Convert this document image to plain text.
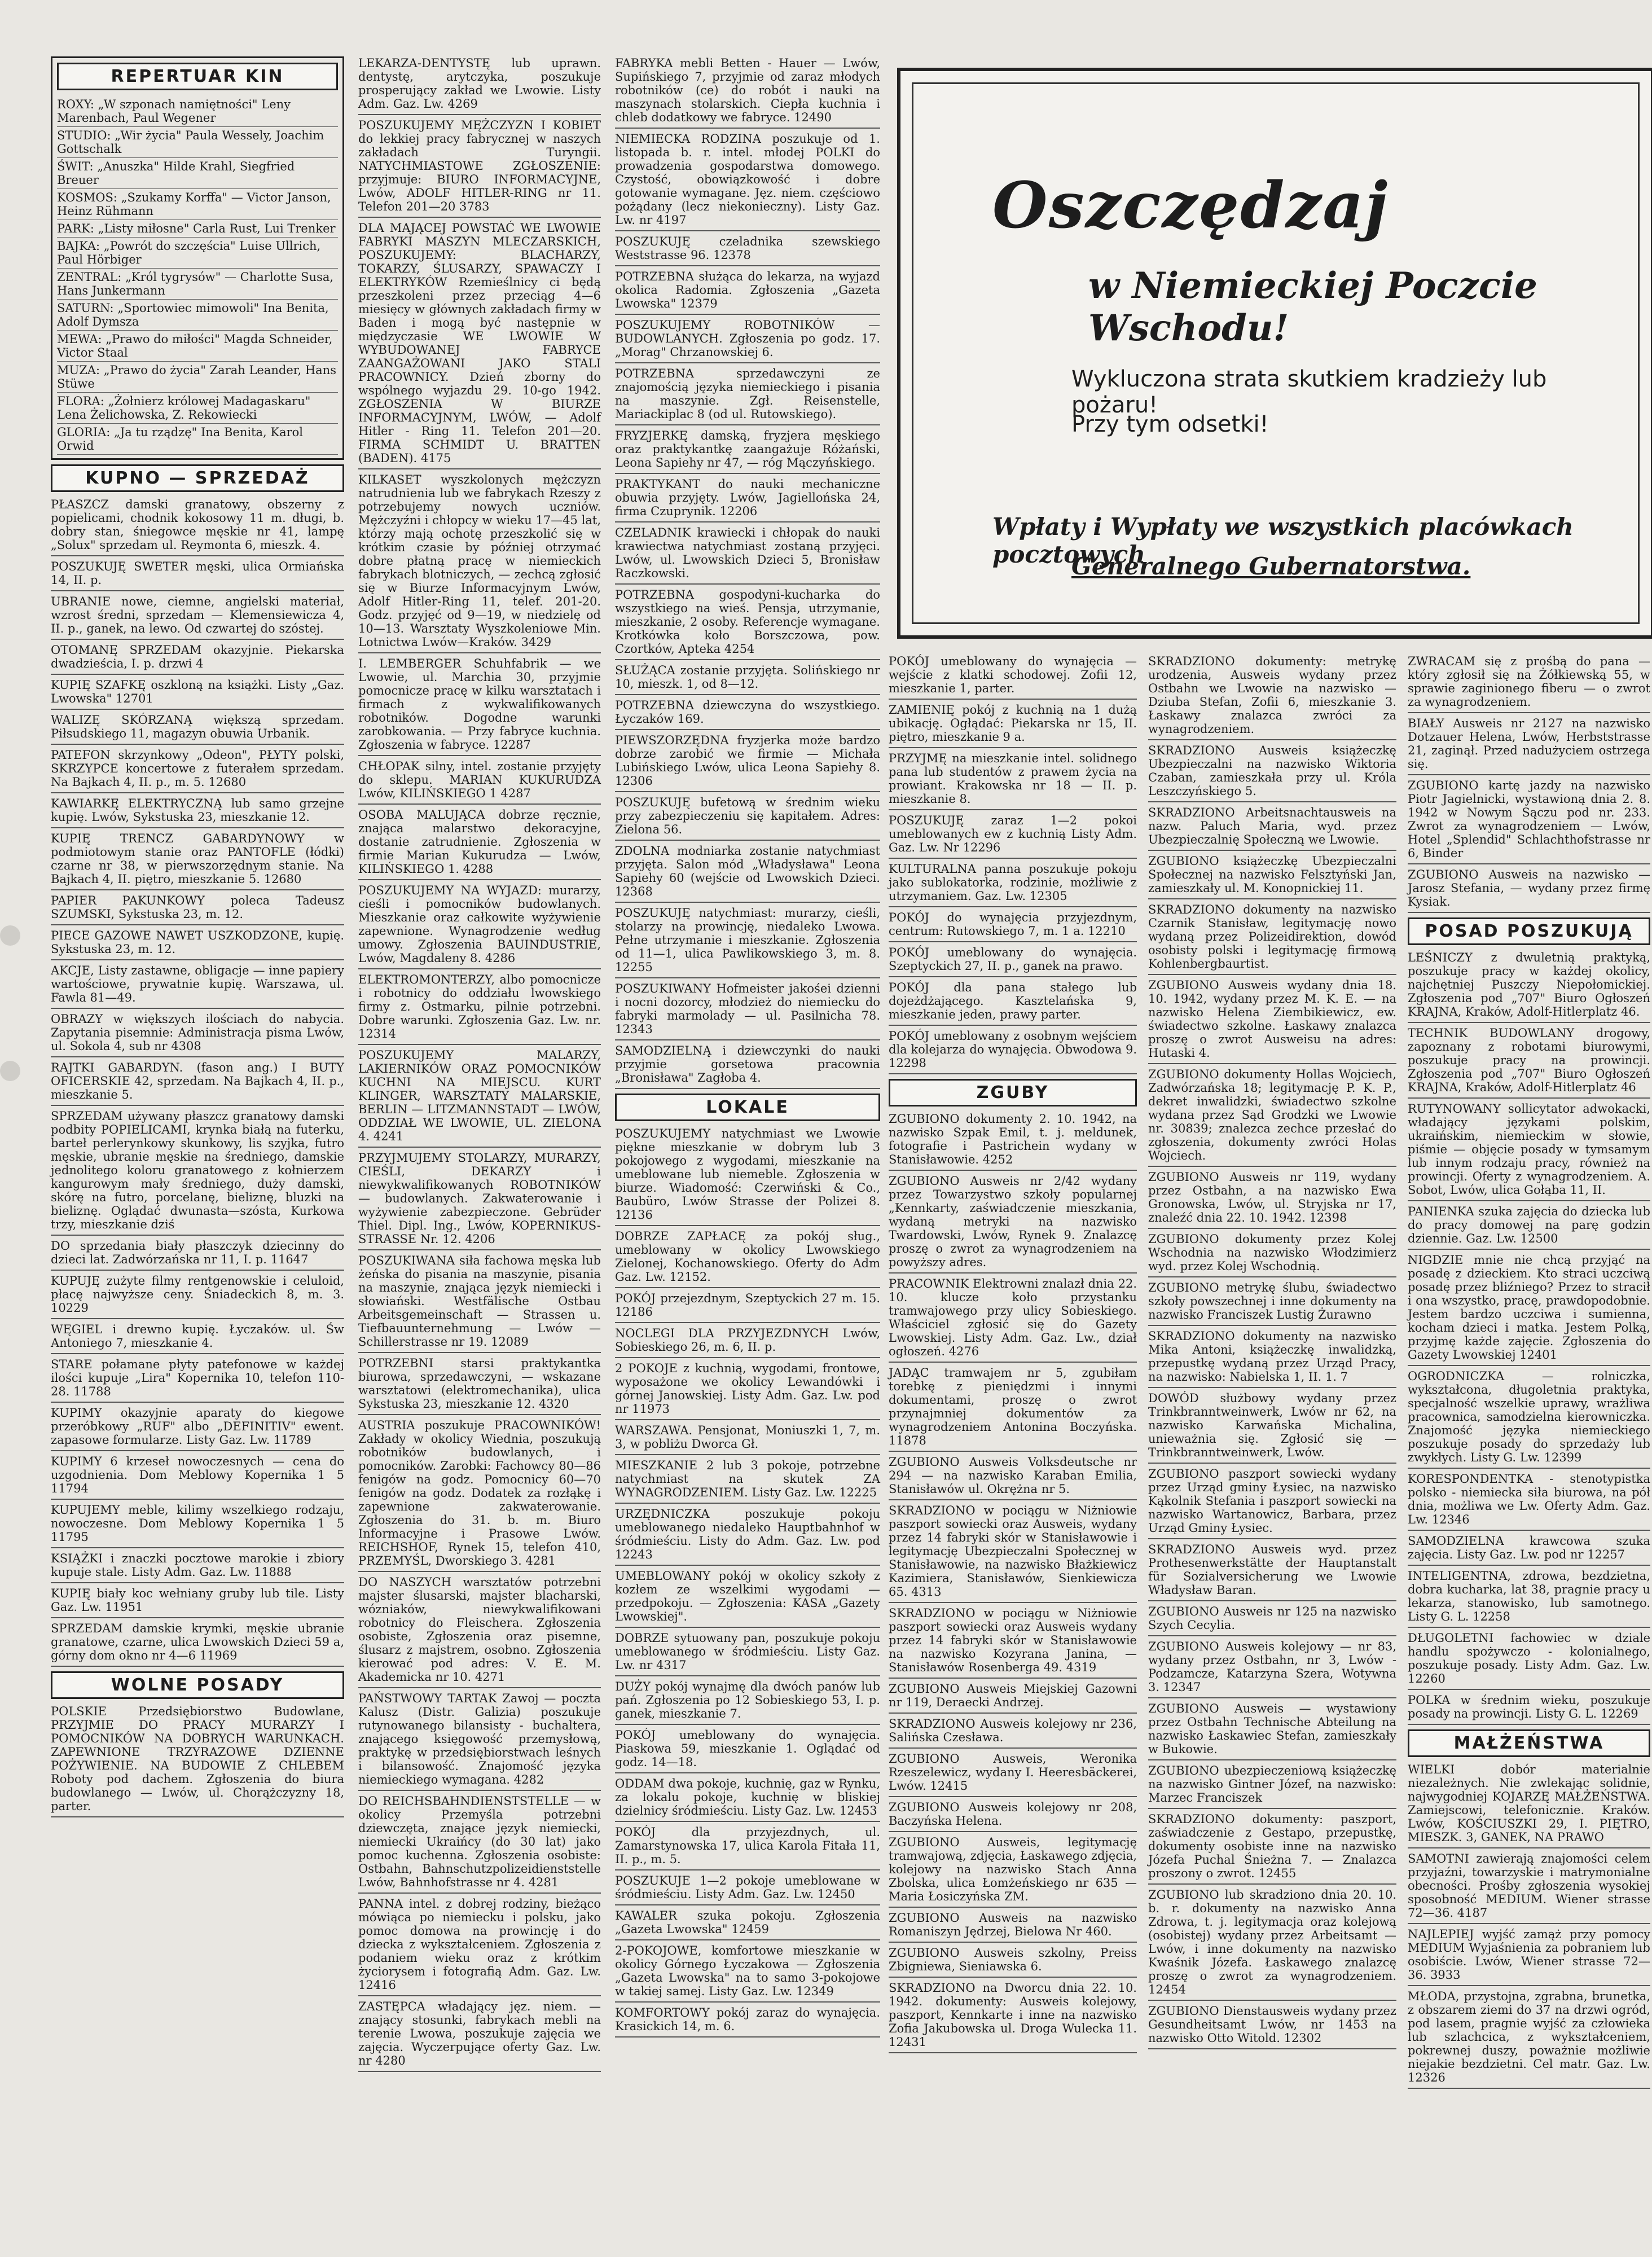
REPERTUAR KIN
ROXY: „W szponach namiętności" Leny Marenbach, Paul Wegener
STUDIO: „Wir życia" Paula Wessely, Joachim Gottschalk
ŚWIT: „Anuszka" Hilde Krahl, Siegfried Breuer
KOSMOS: „Szukamy Korffa" — Victor Janson, Heinz Rühmann
PARK: „Listy miłosne" Carla Rust, Lui Trenker
BAJKA: „Powrót do szczęścia" Luise Ullrich, Paul Hörbiger
ZENTRAL: „Król tygrysów" — Charlotte Susa, Hans Junkermann
SATURN: „Sportowiec mimowoli" Ina Benita, Adolf Dymsza
MEWA: „Prawo do miłości" Magda Schneider, Victor Staal
MUZA: „Prawo do życia" Zarah Leander, Hans Stüwe
FLORA: „Żołnierz królowej Madagaskaru" Lena Żelichowska, Z. Rekowiecki
GLORIA: „Ja tu rządzę" Ina Benita, Karol Orwid
KUPNO — SPRZEDAŻ
PŁASZCZ damski granatowy, obszerny z popielicami, chodnik kokosowy 11 m. długi, b. dobry stan, śniegowce męskie nr 41, lampę „Solux" sprzedam ul. Reymonta 6, mieszk. 4.
POSZUKUJĘ SWETER męski, ulica Ormiańska 14, II. p.
UBRANIE nowe, ciemne, angielski materiał, wzrost średni, sprzedam — Klemensiewicza 4, II. p., ganek, na lewo. Od czwartej do szóstej.
OTOMANĘ SPRZEDAM okazyjnie. Piekarska dwadzieścia, I. p. drzwi 4
KUPIĘ SZAFKĘ oszkloną na książki. Listy „Gaz. Lwowska" 12701
WALIZĘ SKÓRZANĄ większą sprzedam. Piłsudskiego 11, magazyn obuwia Urbanik.
PATEFON skrzynkowy „Odeon", PŁYTY polski, SKRZYPCE koncertowe z futerałem sprzedam. Na Bajkach 4, II. p., m. 5. 12680
KAWIARKĘ ELEKTRYCZNĄ lub samo grzejne kupię. Lwów, Sykstuska 23, mieszkanie 12.
KUPIĘ TRENCZ GABARDYNOWY w podmiotowym stanie oraz PANTOFLE (łódki) czarne nr 38, w pierwszorzędnym stanie. Na Bajkach 4, II. piętro, mieszkanie 5. 12680
PAPIER PAKUNKOWY poleca Tadeusz SZUMSKI, Sykstuska 23, m. 12.
PIECE GAZOWE NAWET USZKODZONE, kupię. Sykstuska 23, m. 12.
AKCJE, Listy zastawne, obligacje — inne papiery wartościowe, prywatnie kupię. Warszawa, ul. Fawla 81—49.
OBRAZY w większych ilościach do nabycia. Zapytania pisemnie: Administracja pisma Lwów, ul. Sokola 4, sub nr 4308
RAJTKI GABARDYN. (fason ang.) I BUTY OFICERSKIE 42, sprzedam. Na Bajkach 4, II. p., mieszkanie 5.
SPRZEDAM używany płaszcz granatowy damski podbity POPIELICAMI, krynka białą na futerku, barteł perlerynkowy skunkowy, lis szyjka, futro męskie, ubranie męskie na średniego, damskie jednolitego koloru granatowego z kołnierzem kangurowym mały średniego, duży damski, skórę na futro, porcelanę, bieliznę, bluzki na bieliznę. Oglądać dwunasta—szósta, Kurkowa trzy, mieszkanie dziś
DO sprzedania biały płaszczyk dziecinny do dzieci lat. Zadwórzańska nr 11, I. p. 11647
KUPUJĘ zużyte filmy rentgenowskie i celuloid, płacę najwyższe ceny. Śniadeckich 8, m. 3. 10229
WĘGIEL i drewno kupię. Łyczaków. ul. Św Antoniego 7, mieszkanie 4.
STARE połamane płyty patefonowe w każdej ilości kupuje „Lira" Kopernika 10, telefon 110-28. 11788
KUPIMY okazyjnie aparaty do kiegowe przeróbkowy „RUF" albo „DEFINITIV" ewent. zapasowe formularze. Listy Gaz. Lw. 11789
KUPIMY 6 krzeseł nowoczesnych — cena do uzgodnienia. Dom Meblowy Kopernika 1 5 11794
KUPUJEMY meble, kilimy wszelkiego rodzaju, nowoczesne. Dom Meblowy Kopernika 1 5 11795
KSIĄŻKI i znaczki pocztowe marokie i zbiory kupuje stale. Listy Adm. Gaz. Lw. 11888
KUPIĘ biały koc wełniany gruby lub tile. Listy Gaz. Lw. 11951
SPRZEDAM damskie krymki, męskie ubranie granatowe, czarne, ulica Lwowskich Dzieci 59 a, górny dom okno nr 4—6 11969
WOLNE POSADY
POLSKIE Przedsiębiorstwo Budowlane, PRZYJMIE DO PRACY MURARZY I POMOCNIKÓW NA DOBRYCH WARUNKACH. ZAPEWNIONE TRZYRAZOWE DZIENNE POŻYWIENIE. NA BUDOWIE Z CHLEBEM Roboty pod dachem. Zgłoszenia do biura budowlanego — Lwów, ul. Chorążczyzny 18, parter.
LEKARZA-DENTYSTĘ lub uprawn. dentystę, arytczyka, poszukuje prosperujący zakład we Lwowie. Listy Adm. Gaz. Lw. 4269
POSZUKUJEMY MĘŻCZYZN I KOBIET do lekkiej pracy fabrycznej w naszych zakładach Turyngii. NATYCHMIASTOWE ZGŁOSZENIE: przyjmuje: BIURO INFORMACYJNE, Lwów, ADOLF HITLER-RING nr 11. Telefon 201—20 3783
DLA MAJĄCEJ POWSTAĆ WE LWOWIE FABRYKI MASZYN MLECZARSKICH, POSZUKUJEMY: BLACHARZY, TOKARZY, ŚLUSARZY, SPAWACZY I ELEKTRYKÓW Rzemieślnicy ci będą przeszkoleni przez przeciąg 4—6 miesięcy w głównych zakładach firmy w Baden i mogą być następnie w międzyczasie WE LWOWIE W WYBUDOWANEJ FABRYCE ZAANGAŻOWANI JAKO STALI PRACOWNICY. Dzień zborny do wspólnego wyjazdu 29. 10-go 1942. ZGŁOSZENIA W BIURZE INFORMACYJNYM, LWÓW, — Adolf Hitler - Ring 11. Telefon 201—20. FIRMA SCHMIDT U. BRATTEN (BADEN). 4175
KILKASET wyszkolonych mężczyzn natrudnienia lub we fabrykach Rzeszy z potrzebujemy nowych uczniów. Mężczyźni i chłopcy w wieku 17—45 lat, którzy mają ochotę przeszkolić się w krótkim czasie by później otrzymać dobre płatną pracę w niemieckich fabrykach blotniczych, — zechcą zgłosić się w Biurze Informacyjnym Lwów, Adolf Hitler-Ring 11, telef. 201-20. Godz. przyjęć od 9—19, w niedzielę od 10—13. Warsztaty Wyszkoleniowe Min. Lotnictwa Lwów—Kraków. 3429
I. LEMBERGER Schuhfabrik — we Lwowie, ul. Marchia 30, przyjmie pomocnicze pracę w kilku warsztatach i firmach z wykwalifikowanych robotników. Dogodne warunki zarobkowania. — Przy fabryce kuchnia. Zgłoszenia w fabryce. 12287
CHŁOPAK silny, intel. zostanie przyjęty do sklepu. MARIAN KUKURUDZA Lwów, KILIŃSKIEGO 1 4287
OSOBA MALUJĄCA dobrze ręcznie, znająca malarstwo dekoracyjne, dostanie zatrudnienie. Zgłoszenia w firmie Marian Kukurudza — Lwów, KILIŃSKIEGO 1. 4288
POSZUKUJEMY NA WYJAZD: murarzy, cieśli i pomocników budowlanych. Mieszkanie oraz całkowite wyżywienie zapewnione. Wynagrodzenie według umowy. Zgłoszenia BAUINDUSTRIE, Lwów, Magdaleny 8. 4286
ELEKTROMONTERZY, albo pomocnicze i robotnicy do oddziału lwowskiego firmy z. Ostmarku, pilnie potrzebni. Dobre warunki. Zgłoszenia Gaz. Lw. nr. 12314
POSZUKUJEMY MALARZY, LAKIERNIKÓW ORAZ POMOCNIKÓW KUCHNI NA MIEJSCU. KURT KLINGER, WARSZTATY MALARSKIE, BERLIN — LITZMANNSTADT — LWÓW, ODDZIAŁ WE LWOWIE, UL. ZIELONA 4. 4241
PRZYJMUJEMY STOLARZY, MURARZY, CIEŚLI, DEKARZY i niewykwalifikowanych ROBOTNIKÓW — budowlanych. Zakwaterowanie i wyżywienie zabezpieczone. Gebrüder Thiel. Dipl. Ing., Lwów, KOPERNIKUS-STRASSE Nr. 12. 4206
POSZUKIWANA siła fachowa męska lub żeńska do pisania na maszynie, pisania na maszynie, znająca język niemiecki i słowiański. Westfälische Ostbau Arbeitsgemeinschaft — Strassen u. Tiefbauunternehmung — Lwów — Schillerstrasse nr 19. 12089
POTRZEBNI starsi praktykantka biurowa, sprzedawczyni, — wskazane warsztatowi (elektromechanika), ulica Sykstuska 23, mieszkanie 12. 4320
AUSTRIA poszukuje PRACOWNIKÓW! Zakłady w okolicy Wiednia, poszukują robotników budowlanych, i pomocników. Zarobki: Fachowcy 80—86 fenigów na godz. Pomocnicy 60—70 fenigów na godz. Dodatek za rozłąkę i zapewnione zakwaterowanie. Zgłoszenia do 31. b. m. Biuro Informacyjne i Prasowe Lwów. REICHSHOF, Rynek 15, telefon 410, PRZEMYŚL, Dworskiego 3. 4281
DO NASZYCH warsztatów potrzebni majster ślusarski, majster blacharski, wózniaków, niewykwalifikowani robotnicy do Fleischera. Zgłoszenia osobiste, Zgłoszenia oraz pisemne, ślusarz z majstrem, osobno. Zgłoszenia kierować pod adres: V. E. M. Akademicka nr 10. 4271
PAŃSTWOWY TARTAK Zawoj — poczta Kalusz (Distr. Galizia) poszukuje rutynowanego bilansisty - buchaltera, znającego księgowość przemysłową, praktykę w przedsiębiorstwach leśnych i bilansowość. Znajomość języka niemieckiego wymagana. 4282
DO REICHSBAHNDIENSTSTELLE — w okolicy Przemyśla potrzebni dziewczęta, znające język niemiecki, niemiecki Ukraińcy (do 30 lat) jako pomoc kuchenna. Zgłoszenia osobiste: Ostbahn, Bahnschutzpolizeidienststelle Lwów, Bahnhofstrasse nr 4. 4281
PANNA intel. z dobrej rodziny, bieżąco mówiąca po niemiecku i polsku, jako pomoc domowa na prowincję i do dziecka z wykształceniem. Zgłoszenia z podaniem wieku oraz z krótkim życiorysem i fotografią Adm. Gaz. Lw. 12416
ZASTĘPCA władający jęz. niem. — znający stosunki, fabrykach mebli na terenie Lwowa, poszukuje zajęcia we zajęcia. Wyczerpujące oferty Gaz. Lw. nr 4280
FABRYKA mebli Betten - Hauer — Lwów, Supińskiego 7, przyjmie od zaraz młodych robotników (ce) do robót i nauki na maszynach stolarskich. Ciepła kuchnia i chleb dodatkowy we fabryce. 12490
NIEMIECKA RODZINA poszukuje od 1. listopada b. r. intel. młodej POLKI do prowadzenia gospodarstwa domowego. Czystość, obowiązkowość i dobre gotowanie wymagane. Jęz. niem. częściowo pożądany (lecz niekonieczny). Listy Gaz. Lw. nr 4197
POSZUKUJĘ czeladnika szewskiego Weststrasse 96. 12378
POTRZEBNA służąca do lekarza, na wyjazd okolica Radomia. Zgłoszenia „Gazeta Lwowska" 12379
POSZUKUJEMY ROBOTNIKÓW — BUDOWLANYCH. Zgłoszenia po godz. 17. „Morag" Chrzanowskiej 6.
POTRZEBNA sprzedawczyni ze znajomością języka niemieckiego i pisania na maszynie. Zgł. Reisenstelle, Mariackiplac 8 (od ul. Rutowskiego).
FRYZJERKĘ damską, fryzjera męskiego oraz praktykantkę zaangażuje Różański, Leona Sapiehy nr 47, — róg Mączyńskiego.
PRAKTYKANT do nauki mechaniczne obuwia przyjęty. Lwów, Jagiellońska 24, firma Czuprynik. 12206
CZELADNIK krawiecki i chłopak do nauki krawiectwa natychmiast zostaną przyjęci. Lwów, ul. Lwowskich Dzieci 5, Bronisław Raczkowski.
POTRZEBNA gospodyni-kucharka do wszystkiego na wieś. Pensja, utrzymanie, mieszkanie, 2 osoby. Referencje wymagane. Krotkówka koło Borszczowa, pow. Czortków, Apteka 4254
SŁUŻĄCA zostanie przyjęta. Solińskiego nr 10, mieszk. 1, od 8—12.
POTRZEBNA dziewczyna do wszystkiego. Łyczaków 169.
PIEWSZORZĘDNA fryzjerka może bardzo dobrze zarobić we firmie — Michała Lubińskiego Lwów, ulica Leona Sapiehy 8. 12306
POSZUKUJĘ bufetową w średnim wieku przy zabezpieczeniu się kapitałem. Adres: Zielona 56.
ZDOLNA modniarka zostanie natychmiast przyjęta. Salon mód „Władysława" Leona Sapiehy 60 (wejście od Lwowskich Dzieci. 12368
POSZUKUJĘ natychmiast: murarzy, cieśli, stolarzy na prowincję, niedaleko Lwowa. Pełne utrzymanie i mieszkanie. Zgłoszenia od 11—1, ulica Pawlikowskiego 3, m. 8. 12255
POSZUKIWANY Hofmeister jakośei dzienni i nocni dozorcy, młodzież do niemiecku do fabryki marmolady — ul. Pasilnicha 78. 12343
SAMODZIELNĄ i dziewczynki do nauki przyjmie gorsetowa pracownia „Bronisława" Zagłoba 4.
LOKALE
POSZUKUJEMY natychmiast we Lwowie piękne mieszkanie w dobrym lub 3 pokojowego z wygodami, mieszkanie na umeblowane lub niemeble. Zgłoszenia w biurze. Wiadomość: Czerwiński & Co., Baubüro, Lwów Strasse der Polizei 8. 12136
DOBRZE ZAPŁACĘ za pokój sług., umeblowany w okolicy Lwowskiego Zielonej, Kochanowskiego. Oferty do Adm Gaz. Lw. 12152.
POKÓJ przejezdnym, Szeptyckich 27 m. 15. 12186
NOCLEGI DLA PRZYJEZDNYCH Lwów, Sobieskiego 26, m. 6, II. p.
2 POKOJE z kuchnią, wygodami, frontowe, wyposażone we okolicy Lewandówki i górnej Janowskiej. Listy Adm. Gaz. Lw. pod nr 11973
WARSZAWA. Pensjonat, Moniuszki 1, 7, m. 3, w pobliżu Dworca Gł.
MIESZKANIE 2 lub 3 pokoje, potrzebne natychmiast na skutek ZA WYNAGRODZENIEM. Listy Gaz. Lw. 12225
URZĘDNICZKA poszukuje pokoju umeblowanego niedaleko Hauptbahnhof w śródmieściu. Listy do Adm. Gaz. Lw. pod 12243
UMEBLOWANY pokój w okolicy szkoły z kozłem ze wszelkimi wygodami — przedpokoju. — Zgłoszenia: KASA „Gazety Lwowskiej".
DOBRZE sytuowany pan, poszukuje pokoju umeblowanego w śródmieściu. Listy Gaz. Lw. nr 4317
DUŻY pokój wynajmę dla dwóch panów lub pań. Zgłoszenia po 12 Sobieskiego 53, I. p. ganek, mieszkanie 7.
POKÓJ umeblowany do wynajęcia. Piaskowa 59, mieszkanie 1. Oglądać od godz. 14—18.
ODDAM dwa pokoje, kuchnię, gaz w Rynku, za lokalu pokoje, kuchnię w bliskiej dzielnicy śródmieściu. Listy Gaz. Lw. 12453
POKÓJ dla przyjezdnych, ul. Zamarstynowska 17, ulica Karola Fitała 11, II. p., m. 5.
POSZUKUJE 1—2 pokoje umeblowane w śródmieściu. Listy Adm. Gaz. Lw. 12450
KAWALER szuka pokoju. Zgłoszenia „Gazeta Lwowska" 12459
2-POKOJOWE, komfortowe mieszkanie w okolicy Górnego Łyczakowa — Zgłoszenia „Gazeta Lwowska" na to samo 3-pokojowe w takiej samej. Listy Gaz. Lw. 12349
KOMFORTOWY pokój zaraz do wynajęcia. Krasickich 14, m. 6.
Oszczędzaj
w Niemieckiej Poczcie Wschodu!
Wykluczona strata skutkiem kradzieży lub pożaru!
Przy tym odsetki!
Wpłaty i Wypłaty we wszystkich placówkach pocztowych
Generalnego Gubernatorstwa.
POKÓJ umeblowany do wynajęcia — wejście z klatki schodowej. Zofii 12, mieszkanie 1, parter.
ZAMIENIĘ pokój z kuchnią na 1 dużą ubikację. Ogłądać: Piekarska nr 15, II. piętro, mieszkanie 9 a.
PRZYJMĘ na mieszkanie intel. solidnego pana lub studentów z prawem życia na prowiant. Krakowska nr 18 — II. p. mieszkanie 8.
POSZUKUJĘ zaraz 1—2 pokoi umeblowanych ew z kuchnią Listy Adm. Gaz. Lw. Nr 12296
KULTURALNA panna poszukuje pokoju jako sublokatorka, rodzinie, możliwie z utrzymaniem. Gaz. Lw. 12305
POKÓJ do wynajęcia przyjezdnym, centrum: Rutowskiego 7, m. 1 a. 12210
POKÓJ umeblowany do wynajęcia. Szeptyckich 27, II. p., ganek na prawo.
POKÓJ dla pana stałego lub dojeżdżającego. Kasztelańska 9, mieszkanie jeden, prawy parter.
POKÓJ umeblowany z osobnym wejściem dla kolejarza do wynajęcia. Obwodowa 9. 12298
ZGUBY
ZGUBIONO dokumenty 2. 10. 1942, na nazwisko Szpak Emil, t. j. meldunek, fotografie i Pastrichein wydany w Stanisławowie. 4252
ZGUBIONO Ausweis nr 2/42 wydany przez Towarzystwo szkoły popularnej „Kennkarty, zaświadczenie mieszkania, wydaną metryki na nazwisko Twardowski, Lwów, Rynek 9. Znalazcę proszę o zwrot za wynagrodzeniem na powyższy adres.
PRACOWNIK Elektrowni znalazł dnia 22. 10. klucze koło przystanku tramwajowego przy ulicy Sobieskiego. Właściciel zgłosić się do Gazety Lwowskiej. Listy Adm. Gaz. Lw., dział ogłoszeń. 4276
JADĄC tramwajem nr 5, zgubiłam torebkę z pieniędzmi i innymi dokumentami, proszę o zwrot przynajmniej dokumentów za wynagrodzeniem Antonina Boczyńska. 11878
ZGUBIONO Ausweis Volksdeutsche nr 294 — na nazwisko Karaban Emilia, Stanisławów ul. Okrężna nr 5.
SKRADZIONO w pociągu w Niżniowie paszport sowiecki oraz Ausweis, wydany przez 14 fabryki skór w Stanisławowie i legitymację Ubezpieczalni Społecznej w Stanisławowie, na nazwisko Błażkiewicz Kazimiera, Stanisławów, Sienkiewicza 65. 4313
SKRADZIONO w pociągu w Niżniowie paszport sowiecki oraz Ausweis wydany przez 14 fabryki skór w Stanisławowie na nazwisko Kozyrana Janina, — Stanisławów Rosenberga 49. 4319
ZGUBIONO Ausweis Miejskiej Gazowni nr 119, Deraecki Andrzej.
SKRADZIONO Ausweis kolejowy nr 236, Salińska Czesława.
ZGUBIONO Ausweis, Weronika Rzeszelewicz, wydany I. Heeresbäckerei, Lwów. 12415
ZGUBIONO Ausweis kolejowy nr 208, Baczyńska Helena.
ZGUBIONO Ausweis, legitymację tramwajową, zdjęcia, Łaskawego zdjęcia, kolejowy na nazwisko Stach Anna Zbolska, ulica Łomżeńskiego nr 635 — Maria Łosiczyńska ZM.
ZGUBIONO Ausweis na nazwisko Romaniszyn Jędrzej, Bielowa Nr 460.
ZGUBIONO Ausweis szkolny, Preiss Zbigniewa, Sieniawska 6.
SKRADZIONO na Dworcu dnia 22. 10. 1942. dokumenty: Ausweis kolejowy, paszport, Kennkarte i inne na nazwisko Zofia Jakubowska ul. Droga Wulecka 11. 12431
SKRADZIONO dokumenty: metrykę urodzenia, Ausweis wydany przez Ostbahn we Lwowie na nazwisko — Dziuba Stefan, Zofii 6, mieszkanie 3. Łaskawy znalazca zwróci za wynagrodzeniem.
SKRADZIONO Ausweis książeczkę Ubezpieczalni na nazwisko Wiktoria Czaban, zamieszkała przy ul. Króla Leszczyńskiego 5.
SKRADZIONO Arbeitsnachtausweis na nazw. Paluch Maria, wyd. przez Ubezpieczalnię Społeczną we Lwowie.
ZGUBIONO książeczkę Ubezpieczalni Społecznej na nazwisko Felsztyński Jan, zamieszkały ul. M. Konopnickiej 11.
SKRADZIONO dokumenty na nazwisko Czarnik Stanisław, legitymację nowo wydaną przez Polizeidirektion, dowód osobisty polski i legitymację firmową Kohlenbergbaurtist.
ZGUBIONO Ausweis wydany dnia 18. 10. 1942, wydany przez M. K. E. — na nazwisko Helena Ziembikiewicz, ew. świadectwo szkolne. Łaskawy znalazca proszę o zwrot Ausweisu na adres: Hutaski 4.
ZGUBIONO dokumenty Hollas Wojciech, Zadwórzańska 18; legitymację P. K. P., dekret inwalidzki, świadectwo szkolne wydana przez Sąd Grodzki we Lwowie nr. 30839; znalezca zechce przesłać do zgłoszenia, dokumenty zwróci Holas Wojciech.
ZGUBIONO Ausweis nr 119, wydany przez Ostbahn, a na nazwisko Ewa Gronowska, Lwów, ul. Stryjska nr 17, znaleźć dnia 22. 10. 1942. 12398
ZGUBIONO dokumenty przez Kolej Wschodnia na nazwisko Włodzimierz wyd. przez Kolej Wschodnią.
ZGUBIONO metrykę ślubu, świadectwo szkoły powszechnej i inne dokumenty na nazwisko Franciszek Lustig Żurawno
SKRADZIONO dokumenty na nazwisko Mika Antoni, książeczkę inwalidzką, przepustkę wydaną przez Urząd Pracy, na nazwisko: Nabielska 1, II. 1. 7
DOWÓD służbowy wydany przez Trinkbranntweinwerk, Lwów nr 62, na nazwisko Karwańska Michalina, unieważnia się. Zgłosić się — Trinkbranntweinwerk, Lwów.
ZGUBIONO paszport sowiecki wydany przez Urząd gminy Łysiec, na nazwisko Kąkolnik Stefania i paszport sowiecki na nazwisko Wartanowicz, Barbara, przez Urząd Gminy Łysiec.
SKRADZIONO Ausweis wyd. przez Prothesenwerkstätte der Hauptanstalt für Sozialversicherung we Lwowie Władysław Baran.
ZGUBIONO Ausweis nr 125 na nazwisko Szych Cecylia.
ZGUBIONO Ausweis kolejowy — nr 83, wydany przez Ostbahn, nr 3, Lwów - Podzamcze, Katarzyna Szera, Wotywna 3. 12347
ZGUBIONO Ausweis — wystawiony przez Ostbahn Technische Abteilung na nazwisko Łaskawiec Stefan, zamieszkały w Bukowie.
ZGUBIONO ubezpieczeniową książeczkę na nazwisko Gintner Józef, na nazwisko: Marzec Franciszek
SKRADZIONO dokumenty: paszport, zaświadczenie z Gestapo, przepustkę, dokumenty osobiste inne na nazwisko Józefa Puchal Śnieżna 7. — Znalazca proszony o zwrot. 12455
ZGUBIONO lub skradziono dnia 20. 10. b. r. dokumenty na nazwisko Anna Zdrowa, t. j. legitymacja oraz kolejową (osobistej) wydany przez Arbeitsamt — Lwów, i inne dokumenty na nazwisko Kwaśnik Józefa. Łaskawego znalazcę proszę o zwrot za wynagrodzeniem. 12454
ZGUBIONO Dienstausweis wydany przez Gesundheitsamt Lwów, nr 1453 na nazwisko Otto Witold. 12302
ZWRACAM się z prośbą do pana — który zgłosił się na Żółkiewską 55, w sprawie zaginionego fiberu — o zwrot za wynagrodzeniem.
BIAŁY Ausweis nr 2127 na nazwisko Dotzauer Helena, Lwów, Herbststrasse 21, zaginął. Przed nadużyciem ostrzega się.
ZGUBIONO kartę jazdy na nazwisko Piotr Jagielnicki, wystawioną dnia 2. 8. 1942 w Nowym Sączu pod nr. 233. Zwrot za wynagrodzeniem — Lwów, Hotel „Splendid" Schlachthofstrasse nr 6, Binder
ZGUBIONO Ausweis na nazwisko — Jarosz Stefania, — wydany przez firmę Kysiak.
POSAD POSZUKUJĄ
LEŚNICZY z dwuletnią praktyką, poszukuje pracy w każdej okolicy, najchętniej Puszczy Niepołomickiej. Zgłoszenia pod „707" Biuro Ogłoszeń KRAJNA, Kraków, Adolf-Hitlerplatz 46.
TECHNIK BUDOWLANY drogowy, zapoznany z robotami biurowymi, poszukuje pracy na prowincji. Zgłoszenia pod „707" Biuro Ogłoszeń KRAJNA, Kraków, Adolf-Hitlerplatz 46
RUTYNOWANY sollicytator adwokacki, władający językami polskim, ukraińskim, niemieckim w słowie, piśmie — objęcie posady w tymsamym lub innym rodzaju pracy, również na prowincji. Oferty z wynagrodzeniem. A. Sobot, Lwów, ulica Gołąba 11, II.
PANIENKA szuka zajęcia do dziecka lub do pracy domowej na parę godzin dziennie. Gaz. Lw. 12500
NIGDZIE mnie nie chcą przyjąć na posadę z dzieckiem. Kto straci uczciwą posadę przez bliźniego? Przez to stracił i ona wszystko, pracę, prawdopodobnie. Jestem bardzo uczciwa i sumienna, kocham dzieci i matka. Jestem Polką, przyjmę każde zajęcie. Zgłoszenia do Gazety Lwowskiej 12401
OGRODNICZKA — rolniczka, wykształcona, długoletnia praktyka, specjalność wszelkie uprawy, wrażliwa pracownica, samodzielna kierowniczka. Znajomość języka niemieckiego poszukuje posady do sprzedaży lub zwykłych. Listy G. Lw. 12399
KORESPONDENTKA - stenotypistka polsko - niemiecka siła biurowa, na pół dnia, możliwa we Lw. Oferty Adm. Gaz. Lw. 12346
SAMODZIELNA krawcowa szuka zajęcia. Listy Gaz. Lw. pod nr 12257
INTELIGENTNA, zdrowa, bezdzietna, dobra kucharka, lat 38, pragnie pracy u lekarza, stanowisko, lub samotnego. Listy G. L. 12258
DŁUGOLETNI fachowiec w dziale handlu spożywczo - kolonialnego, poszukuje posady. Listy Adm. Gaz. Lw. 12260
POLKA w średnim wieku, poszukuje posady na prowincji. Listy G. L. 12269
MAŁŻEŃSTWA
WIELKI dobór materialnie niezależnych. Nie zwlekając solidnie, najwygodniej KOJARZĘ MAŁŻEŃSTWA. Zamiejscowi, telefonicznie. Kraków. Lwów, KOŚCIUSZKI 29, I. PIĘTRO, MIESZK. 3, GANEK, NA PRAWO
SAMOTNI zawierają znajomości celem przyjaźni, towarzyskie i matrymonialne obecności. Prośby zgłoszenia wysokiej sposobność MEDIUM. Wiener strasse 72—36. 4187
NAJLEPIEJ wyjść zamąż przy pomocy MEDIUM Wyjaśnienia za pobraniem lub osobiście. Lwów, Wiener strasse 72—36. 3933
MŁODA, przystojna, zgrabna, brunetka, z obszarem ziemi do 37 na drzwi ogród, pod lasem, pragnie wyjść za człowieka lub szlachcica, z wykształceniem, pokrewnej duszy, poważnie możliwie niejakie bezdzietni. Cel matr. Gaz. Lw. 12326
